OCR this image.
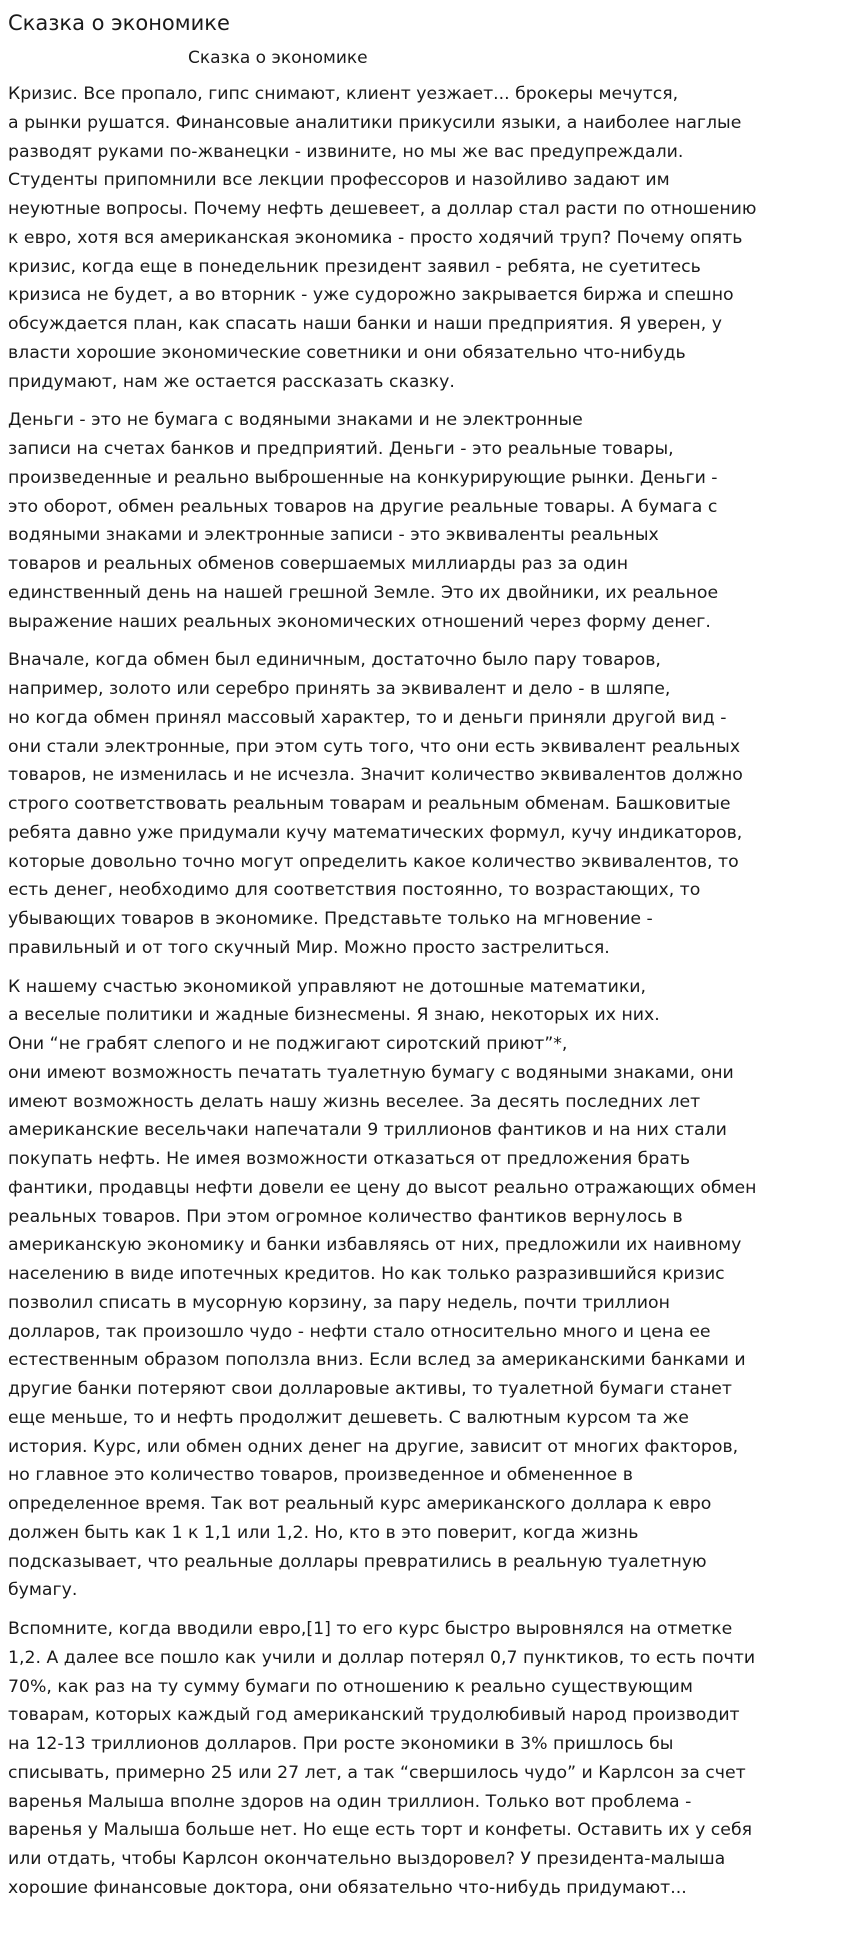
Сказка о экономике
Сказка о экономике

Кризис. Все пропало, гипс снимают, клиент уезжает... брокеры мечутся,
а рынки рушатся. Финансовые аналитики прикусили языки, а наиболее наглые
разводят руками по-жванецки - извините, но мы же вас предупреждали.
Студенты припомнили все лекции профессоров и назойливо задают им
неуютные вопросы. Почему нефть дешевеет, а доллар стал расти по отношению
к евро, хотя вся американская экономика - просто ходячий труп? Почему опять
кризис, когда еще в понедельник президент заявил - ребята, не суетитесь
кризиса не будет, а во вторник - уже судорожно закрывается биржа и спешно
обсуждается план, как спасать наши банки и наши предприятия. Я уверен, у
власти хорошие экономические советники и они обязательно что-нибудь
придумают, нам же остается рассказать сказку.

Деньги - это не бумага с водяными знаками и не электронные
записи на счетах банков и предприятий. Деньги - это реальные товары,
произведенные и реально выброшенные на конкурирующие рынки. Деньги -
это оборот, обмен реальных товаров на другие реальные товары. А бумага с
водяными знаками и электронные записи - это эквиваленты реальных
товаров и реальных обменов совершаемых миллиарды раз за один
единственный день на нашей грешной Земле. Это их двойники, их реальное
выражение наших реальных экономических отношений через форму денег.

Вначале, когда обмен был единичным, достаточно было пару товаров,
например, золото или серебро принять за эквивалент и дело - в шляпе,
но когда обмен принял массовый характер, то и деньги приняли другой вид -
они стали электронные, при этом суть того, что они есть эквивалент реальных
товаров, не изменилась и не исчезла. Значит количество эквивалентов должно
строго соответствовать реальным товарам и реальным обменам. Башковитые
ребята давно уже придумали кучу математических формул, кучу индикаторов,
которые довольно точно могут определить какое количество эквивалентов, то
есть денег, необходимо для соответствия постоянно, то возрастающих, то
убывающих товаров в экономике. Представьте только на мгновение -
правильный и от того скучный Мир. Можно просто застрелиться.

К нашему счастью экономикой управляют не дотошные математики,
а веселые политики и жадные бизнесмены. Я знаю, некоторых их них.
Они “не грабят слепого и не поджигают сиротский приют”*,
они имеют возможность печатать туалетную бумагу с водяными знаками, они
имеют возможность делать нашу жизнь веселее. За десять последних лет
американские весельчаки напечатали 9 триллионов фантиков и на них стали
покупать нефть. Не имея возможности отказаться от предложения брать
фантики, продавцы нефти довели ее цену до высот реально отражающих обмен
реальных товаров. При этом огромное количество фантиков вернулось в
американскую экономику и банки избавляясь от них, предложили их наивному
населению в виде ипотечных кредитов. Но как только разразившийся кризис
позволил списать в мусорную корзину, за пару недель, почти триллион
долларов, так произошло чудо - нефти стало относительно много и цена ее
естественным образом поползла вниз. Если вслед за американскими банками и
другие банки потеряют свои долларовые активы, то туалетной бумаги станет
еще меньше, то и нефть продолжит дешеветь. С валютным курсом та же
история. Курс, или обмен одних денег на другие, зависит от многих факторов,
но главное это количество товаров, произведенное и обмененное в
определенное время. Так вот реальный курс американского доллара к евро
должен быть как 1 к 1,1 или 1,2. Но, кто в это поверит, когда жизнь
подсказывает, что реальные доллары превратились в реальную туалетную
бумагу.

Вспомните, когда вводили евро,[1] то его курс быстро выровнялся на отметке
1,2. А далее все пошло как учили и доллар потерял 0,7 пунктиков, то есть почти
70%, как раз на ту сумму бумаги по отношению к реально существующим
товарам, которых каждый год американский трудолюбивый народ производит
на 12-13 триллионов долларов. При росте экономики в 3% пришлось бы
списывать, примерно 25 или 27 лет, а так “свершилось чудо” и Карлсон за счет
варенья Малыша вполне здоров на один триллион. Только вот проблема -
варенья у Малыша больше нет. Но еще есть торт и конфеты. Оставить их у себя
или отдать, чтобы Карлсон окончательно выздоровел? У президента-малыша
хорошие финансовые доктора, они обязательно что-нибудь придумают...
